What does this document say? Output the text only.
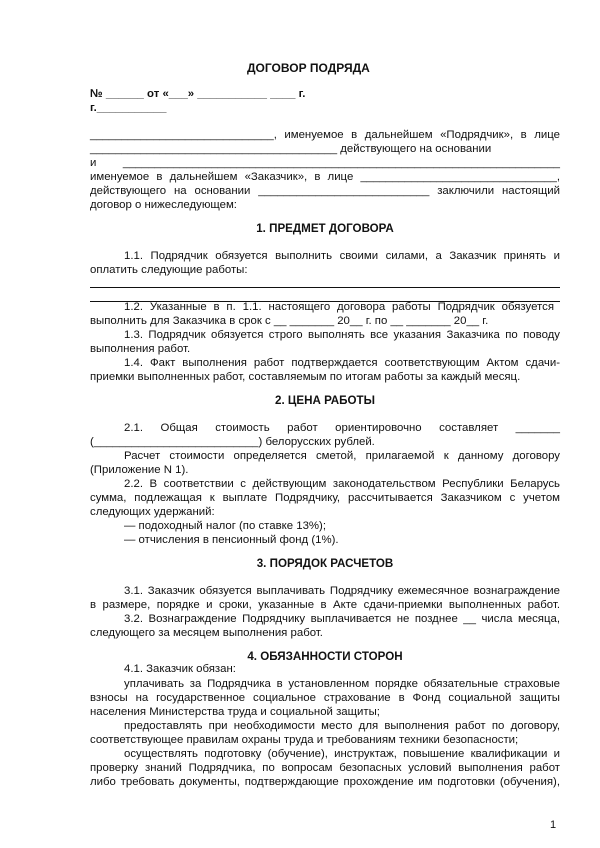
ДОГОВОР ПОДРЯДА
№ ______ от «___» ___________ ____ г.
г.___________
_____________________________, именуемое в дальнейшем «Подрядчик», в лице
_______________________________________ действующего на основании
и _____________________________________________________________________
именуемое в дальнейшем «Заказчик», в лице _______________________________,
действующего на основании ___________________________ заключили настоящий
договор о нижеследующем:
1. ПРЕДМЕТ ДОГОВОРА
1.1. Подрядчик обязуется выполнить своими силами, а Заказчик принять и
оплатить следующие работы:
1.2. Указанные в п. 1.1. настоящего договора работы Подрядчик обязуется
выполнить для Заказчика в срок с __ _______ 20__ г. по __ _______ 20__ г.
1.3. Подрядчик обязуется строго выполнять все указания Заказчика по поводу
выполнения работ.
1.4. Факт выполнения работ подтверждается соответствующим Актом сдачи-
приемки выполненных работ, составляемым по итогам работы за каждый месяц.
2. ЦЕНА РАБОТЫ
2.1. Общая стоимость работ ориентировочно составляет _______
(__________________________) белорусских рублей.
Расчет стоимости определяется сметой, прилагаемой к данному договору
(Приложение N 1).
2.2. В соответствии с действующим законодательством Республики Беларусь
сумма, подлежащая к выплате Подрядчику, рассчитывается Заказчиком с учетом
следующих удержаний:
— подоходный налог (по ставке 13%);
— отчисления в пенсионный фонд (1%).
3. ПОРЯДОК РАСЧЕТОВ
3.1. Заказчик обязуется выплачивать Подрядчику ежемесячное вознаграждение
в размере, порядке и сроки, указанные в Акте сдачи-приемки выполненных работ.
3.2. Вознаграждение Подрядчику выплачивается не позднее __ числа месяца,
следующего за месяцем выполнения работ.
4. ОБЯЗАННОСТИ СТОРОН
4.1. Заказчик обязан:
уплачивать за Подрядчика в установленном порядке обязательные страховые
взносы на государственное социальное страхование в Фонд социальной защиты
населения Министерства труда и социальной защиты;
предоставлять при необходимости место для выполнения работ по договору,
соответствующее правилам охраны труда и требованиям техники безопасности;
осуществлять подготовку (обучение), инструктаж, повышение квалификации и
проверку знаний Подрядчика, по вопросам безопасных условий выполнения работ
либо требовать документы, подтверждающие прохождение им подготовки (обучения),
1
